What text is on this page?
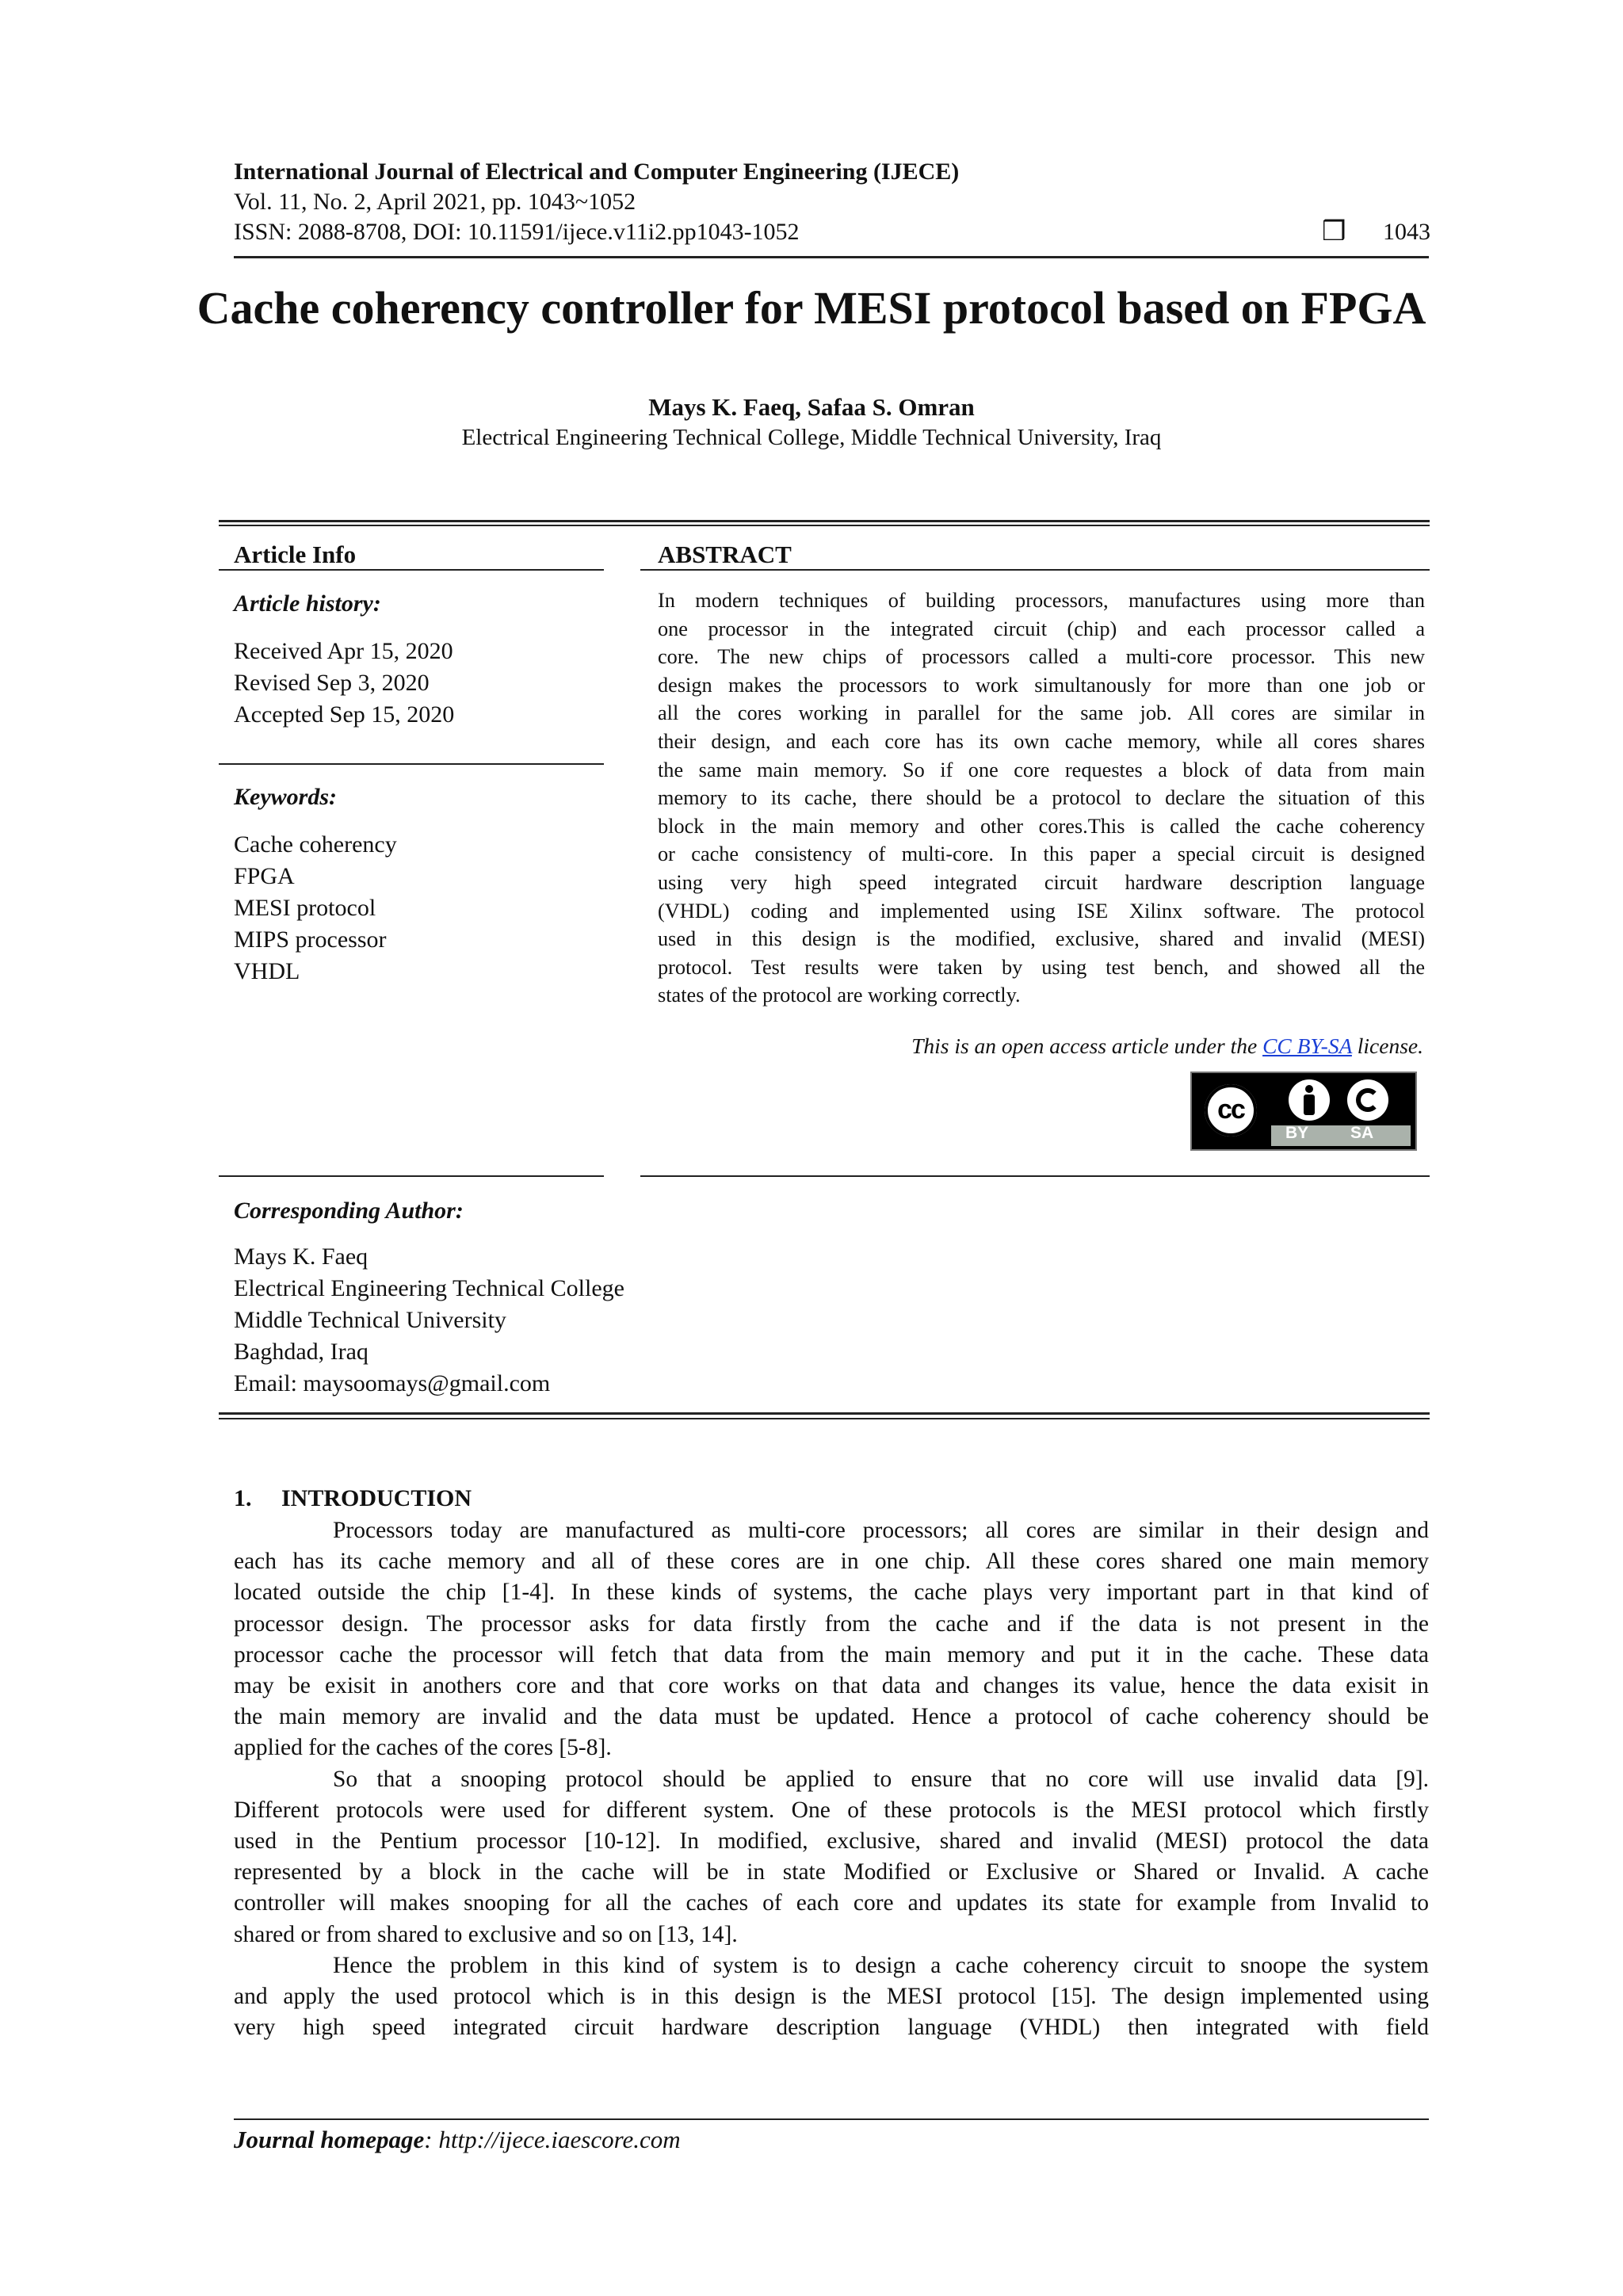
International Journal of Electrical and Computer Engineering (IJECE)
Vol. 11, No. 2, April 2021, pp. 1043~1052
ISSN: 2088-8708, DOI: 10.11591/ijece.v11i2.pp1043-1052	❒ 1043
Cache coherency controller for MESI protocol based on FPGA
Mays K. Faeq, Safaa S. Omran
Electrical Engineering Technical College, Middle Technical University, Iraq
Article Info
Article history:
Received Apr 15, 2020
Revised Sep 3, 2020
Accepted Sep 15, 2020
Keywords:
Cache coherency
FPGA
MESI protocol
MIPS processor
VHDL
ABSTRACT
In modern techniques of building processors, manufactures using more than
one processor in the integrated circuit (chip) and each processor called a
core. The new chips of processors called a multi-core processor. This new
design makes the processors to work simultanously for more than one job or
all the cores working in parallel for the same job. All cores are similar in
their design, and each core has its own cache memory, while all cores shares
the same main memory. So if one core requestes a block of data from main
memory to its cache, there should be a protocol to declare the situation of this
block in the main memory and other cores.This is called the cache coherency
or cache consistency of multi-core. In this paper a special circuit is designed
using very high speed integrated circuit hardware description language
(VHDL) coding and implemented using ISE Xilinx software. The protocol
used in this design is the modified, exclusive, shared and invalid (MESI)
protocol. Test results were taken by using test bench, and showed all the
states of the protocol are working correctly.
This is an open access article under the CC BY-SA license.
cc
BY	SA
Corresponding Author:
Mays K. Faeq
Electrical Engineering Technical College
Middle Technical University
Baghdad, Iraq
Email: maysoomays@gmail.com
1.     INTRODUCTION
Processors today are manufactured as multi-core processors; all cores are similar in their design and
each has its cache memory and all of these cores are in one chip. All these cores shared one main memory
located outside the chip [1-4]. In these kinds of systems, the cache plays very important part in that kind of
processor design. The processor asks for data firstly from the cache and if the data is not present in the
processor cache the processor will fetch that data from the main memory and put it in the cache. These data
may be exisit in anothers core and that core works on that data and changes its value, hence the data exisit in
the main memory are invalid and the data must be updated. Hence a protocol of cache coherency should be
applied for the caches of the cores [5-8].
So that a snooping protocol should be applied to ensure that no core will use invalid data [9].
Different protocols were used for different system. One of these protocols is the MESI protocol which firstly
used in the Pentium processor [10-12]. In modified, exclusive, shared and invalid (MESI) protocol the data
represented by a block in the cache will be in state Modified or Exclusive or Shared or Invalid. A cache
controller will makes snooping for all the caches of each core and updates its state for example from Invalid to
shared or from shared to exclusive and so on [13, 14].
Hence the problem in this kind of system is to design a cache coherency circuit to snoope the system
and apply the used protocol which is in this design is the MESI protocol [15]. The design implemented using
very high speed integrated circuit hardware description language (VHDL) then integrated with field
Journal homepage: http://ijece.iaescore.com
